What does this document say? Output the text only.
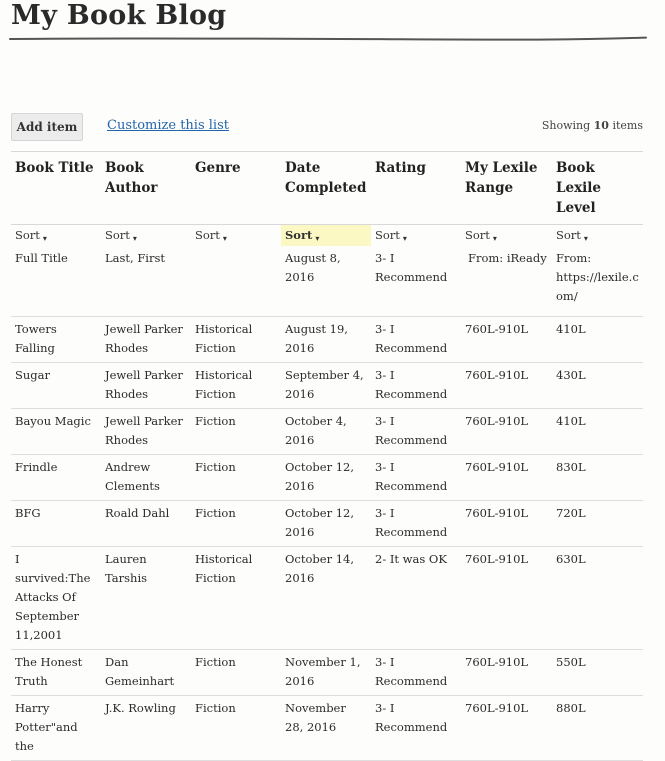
My Book Blog
Add item	Customize this list	Showing 10 items
Book Title	Book Author	Genre	Date Completed	Rating	My Lexile Range	Book Lexile Level
Sort ▾	Sort ▾	Sort ▾	Sort ▾	Sort ▾	Sort ▾	Sort ▾
Full Title	Last, First		August 8, 2016	3- I Recommend	From: iReady	From: https://lexile.com/
Towers Falling	Jewell Parker Rhodes	Historical Fiction	August 19, 2016	3- I Recommend	760L-910L	410L
Sugar	Jewell Parker Rhodes	Historical Fiction	September 4, 2016	3- I Recommend	760L-910L	430L
Bayou Magic	Jewell Parker Rhodes	Fiction	October 4, 2016	3- I Recommend	760L-910L	410L
Frindle	Andrew Clements	Fiction	October 12, 2016	3- I Recommend	760L-910L	830L
BFG	Roald Dahl	Fiction	October 12, 2016	3- I Recommend	760L-910L	720L
I survived:The Attacks Of September 11,2001	Lauren Tarshis	Historical Fiction	October 14, 2016	2- It was OK	760L-910L	630L
The Honest Truth	Dan Gemeinhart	Fiction	November 1, 2016	3- I Recommend	760L-910L	550L
Harry Potter"and the	J.K. Rowling	Fiction	November 28, 2016	3- I Recommend	760L-910L	880L
